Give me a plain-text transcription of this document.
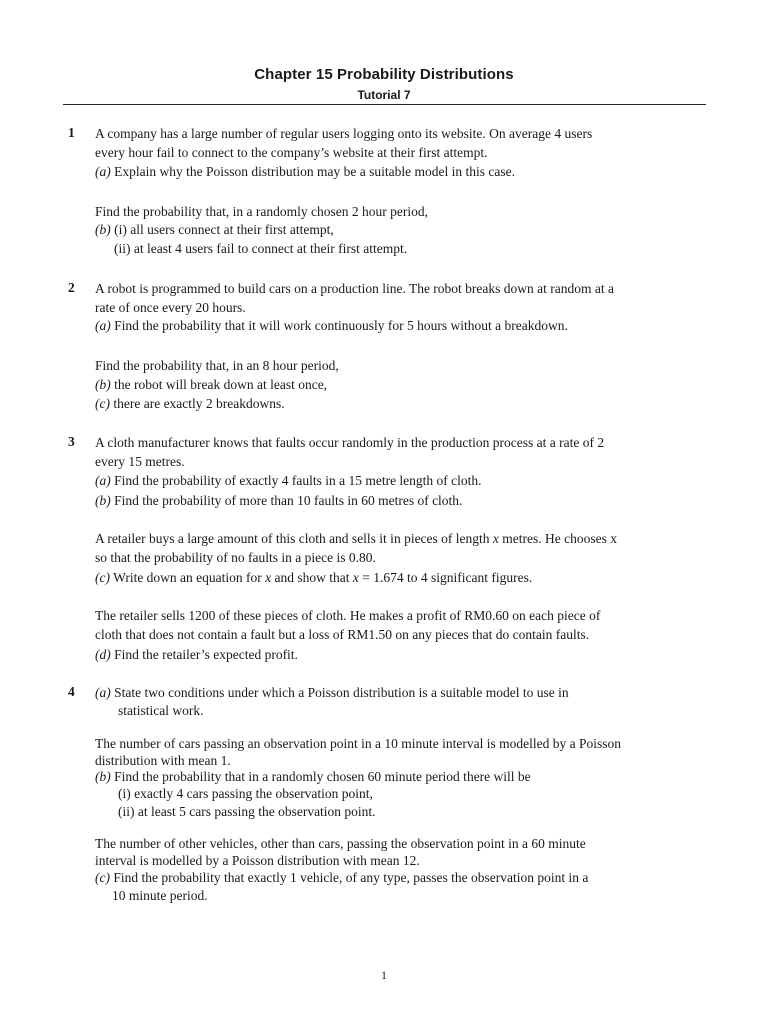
Chapter 15 Probability Distributions
Tutorial 7
1 A company has a large number of regular users logging onto its website. On average 4 users
every hour fail to connect to the company’s website at their first attempt.
(a) Explain why the Poisson distribution may be a suitable model in this case.
Find the probability that, in a randomly chosen 2 hour period,
(b) (i) all users connect at their first attempt,
(ii) at least 4 users fail to connect at their first attempt.
2 A robot is programmed to build cars on a production line. The robot breaks down at random at a
rate of once every 20 hours.
(a) Find the probability that it will work continuously for 5 hours without a breakdown.
Find the probability that, in an 8 hour period,
(b) the robot will break down at least once,
(c) there are exactly 2 breakdowns.
3 A cloth manufacturer knows that faults occur randomly in the production process at a rate of 2
every 15 metres.
(a) Find the probability of exactly 4 faults in a 15 metre length of cloth.
(b) Find the probability of more than 10 faults in 60 metres of cloth.
A retailer buys a large amount of this cloth and sells it in pieces of length x metres. He chooses x
so that the probability of no faults in a piece is 0.80.
(c) Write down an equation for x and show that x = 1.674 to 4 significant figures.
The retailer sells 1200 of these pieces of cloth. He makes a profit of RM0.60 on each piece of
cloth that does not contain a fault but a loss of RM1.50 on any pieces that do contain faults.
(d) Find the retailer’s expected profit.
4 (a) State two conditions under which a Poisson distribution is a suitable model to use in
statistical work.
The number of cars passing an observation point in a 10 minute interval is modelled by a Poisson
distribution with mean 1.
(b) Find the probability that in a randomly chosen 60 minute period there will be
(i) exactly 4 cars passing the observation point,
(ii) at least 5 cars passing the observation point.
The number of other vehicles, other than cars, passing the observation point in a 60 minute
interval is modelled by a Poisson distribution with mean 12.
(c) Find the probability that exactly 1 vehicle, of any type, passes the observation point in a
10 minute period.
1
